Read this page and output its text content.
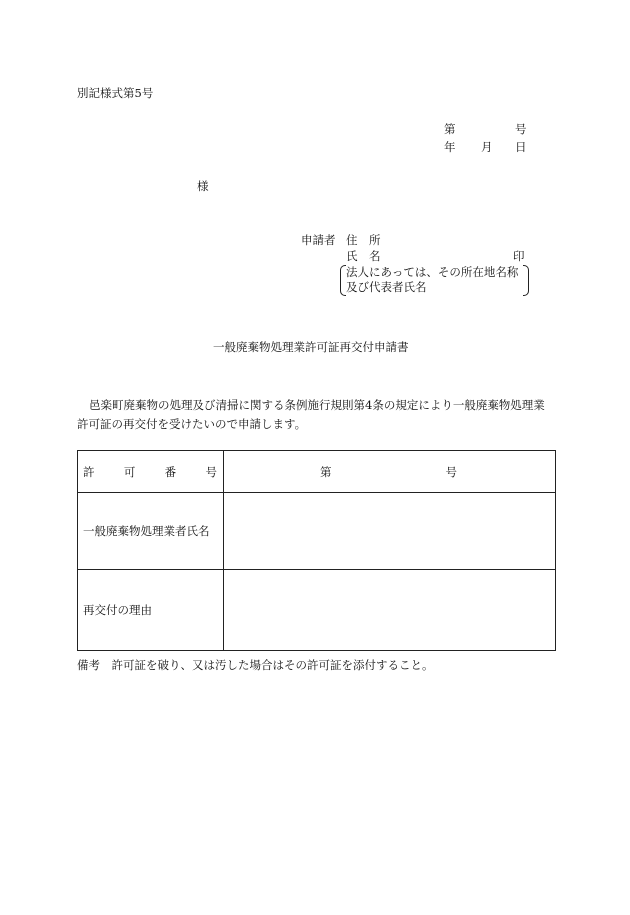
別記様式第5号
第	号
年 月 日
様
申請者 住　所
氏　名	印
法人にあっては、その所在地名称
及び代表者氏名
一般廃棄物処理業許可証再交付申請書
邑楽町廃棄物の処理及び清掃に関する条例施行規則第4条の規定により一般廃棄物処理業許可証の再交付を受けたいので申請します。
許 可 番 号	第 号

一般廃棄物処理業者氏名	
再交付の理由	
備考　許可証を破り、又は汚した場合はその許可証を添付すること。
